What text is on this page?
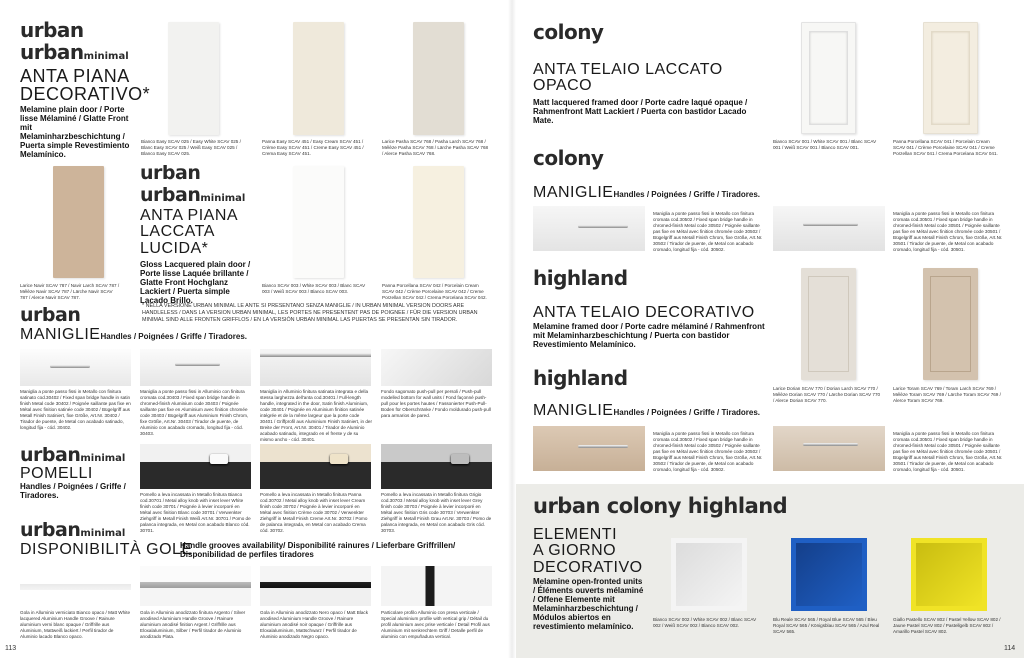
urban
urbanminimal
ANTA PIANA
DECORATIVO*
Melamine plain door / Porte lisse Mélaminé / Glatte Front mit Melaminharzbeschichtung / Puerta simple Revestimiento Melamínico.
Bianco Easy SCAV 025 / Easy White SCAV 025 / Blanc Easy SCAV 025 / Weiß Easy SCAV 025 / Blanco Easy SCAV 025.
Panna Easy SCAV 451 / Easy Cream SCAV 451 / Crème Easy SCAV 451 / Creme Easy SCAV 451 / Crema Easy SCAV 451.
Larice Pasha SCAV 768 / Pasha Larch SCAV 768 / Mélèze Pasha SCAV 768 / Lärche Pasha SCAV 768 / Alerce Pasha SCAV 768.
Larice Navir SCAV 787 / Navir Larch SCAV 787 / Mélèze Navir SCAV 787 / Lärche Navir SCAV 787 / Alerce Navir SCAV 787.
urban
urbanminimal
ANTA PIANA
LACCATA
LUCIDA*
Gloss Lacquered plain door / Porte lisse Laquée brillante / Glatte Front Hochglanz Lackiert / Puerta simple Lacado Brillo.
Bianco SCAV 003 / White SCAV 003 / Blanc SCAV 003 / Weiß SCAV 003 / Blanco SCAV 003.
Panna Porcellana SCAV 042 / Porcelain Cream SCAV 042 / Crème Porcelaine SCAV 042 / Creme Porzellan SCAV 042 / Crema Porcelana SCAV 042.
* NELLA VERSIONE URBAN MINIMAL LE ANTE SI PRESENTANO SENZA MANIGLIE / IN URBAN MINIMAL VERSION DOORS ARE HANDLELESS / DANS LA VERSION URBAN MINIMAL, LES PORTES NE PRESENTENT PAS DE POIGNEE / FÜR DIE VERSION URBAN MINIMAL SIND ALLE FRONTEN GRIFFLOS / EN LA VERSIÓN URBAN MINIMAL LAS PUERTAS SE PRESENTAN SIN TIRADOR.
urban
MANIGLIEHandles / Poignées / Griffe / Tiradores.
Maniglia a ponte passo fissi in Metallo con finitura satinato cod.30402 / Fixed span bridge handle in satin finish Metal code 30402 / Poignée saillante pas fixe en Métal avec finition satinée code 30402 / Bügelgriff aus Metall Finish Satiniert, fixe Größe, Art.Nr. 30402 / Tirador de puente, de Metal con acabado satinado, longitud fija - cód. 30402.
Maniglia a ponte passo fissi in Alluminio con finitura cromata cod.30403 / Fixed span bridge handle in chromed-finish Aluminium code 30403 / Poignée saillante pas fixe en Aluminium avec finition chromée code 30403 / Bügelgriff aus Aluminium Finish Chrom, fixe Größe, Art.Nr. 30403 / Tirador de puente, de Aluminio con acabado cromado, longitud fija - cód. 30403.
Maniglia in Alluminio finitura satinata integrata e della stessa larghezza dell'anta cod.30401 / Full-length handle, integrated in the door, Satin finish Aluminium, code 30401 / Poignée en Aluminium finition satinée intégrée et de la même largeur que la porte code 30401 / Griffprofil aus Aluminium Finish Satiniert, in der Breite der Front, Art.Nr. 30401 / Tirador de Aluminio acabado satinado, integrado en el frente y de su mismo ancho - cód. 30401.
Fondo sagomato push-pull per persoli / Push-pull modelled bottom for wall units / Fond façonné push-pull pour les portes hautes / Fassonierter Push-Pull-Boden für Oberschränke / Fondo moldurado push-pull para armarios de pared.
urbanminimal
POMELLI
Handles / Poignées / Griffe / Tiradores.	Pomello a leva incassata in Metallo finitura Bianco cod.30701 / Metal alloy knob with inset lever White finish code 30701 / Poignée à levier incorporé en Métal avec finition Blanc code 30701 / Verwenkter Ziehgriff in Metall Finish Weiß Art.Nr. 30701 / Pomo de palanca integrada, en Metal con acabado Blanco cód. 30701.
Pomello a leva incassata in Metallo finitura Panna cod.30702 / Metal alloy knob with inset lever Cream finish code 30702 / Poignée à levier incorporé en Métal avec finition Crème code 30702 / Verwenkter Ziehgriff in Metall Finish Creme Art.Nr. 30702 / Pomo de palanca integrada, en Metal con acabado Crema cód. 30702.
Pomello a leva incassata in Metallo finitura Grigio cod.30703 / Metal alloy knob with inset lever Grey finish code 30703 / Poignée à levier incorporé en Métal avec finition Gris code 30703 / Verwenkter Ziehgriff in Metall Finish Grau Art.Nr. 30703 / Pomo de palanca integrada, en Metal con acabado Gris cód. 30703.
urbanminimal
DISPONIBILITÀ GOLE
Handle grooves availability/ Disponibilité rainures / Lieferbare Griffrillen/
Disponibilidad de perfiles tiradores
Gola in Alluminio verniciato Bianco opaco / Matt White lacquered Aluminium Handle Groove / Rainure aluminium verni blanc opaque / Griffrille aus Aluminium, Mattweiß lackiert / Perfil tirador de Aluminio lacado Blanco opaco.
Gola in Alluminio anodizzato finitura Argento / Silver anodised Aluminium Handle Groove / Rainure aluminium anodisé finition Argent / Griffrille aus Eloxalaluminium, Silber / Perfil tirador de Aluminio anodizado Plata.
Gola in Alluminio anodizzato Nero opaco / Matt Black anodised Aluminium Handle Groove / Rainure aluminium anodisé noir opaque / Griffrille aus Eloxalaluminium, Mattschwarz / Perfil tirador de Aluminio anodizado Negro opaco.
Particolare profilo Alluminio con presa verticale / Special aluminium profile with vertical grip / Détail du profil aluminium avec prise verticale / Detail Profil aus Aluminium mit senkrechtem Griff / Detalle perfil de aluminio con empuñadura vertical.
113
colony
ANTA TELAIO LACCATO
OPACO
Matt lacquered framed door / Porte cadre laqué opaque / Rahmenfront Matt Lackiert / Puerta con bastidor Lacado Mate.
Bianco SCAV 001 / White SCAV 001 / Blanc SCAV 001 / Weiß SCAV 001 / Blanco SCAV 001.
Panna Porcellana SCAV 041 / Porcelain Cream SCAV 041 / Crème Porcelaine SCAV 041 / Creme Porzellan SCAV 041 / Crema Porcelana SCAV 041.
colony
MANIGLIEHandles / Poignées / Griffe / Tiradores.
Maniglia a ponte passo fissi in Metallo con finitura cromata cod.30502 / Fixed span bridge handle in chromed-finish Metal code 30502 / Poignée saillante pas fixe en Métal avec finition chromée code 30502 / Bügelgriff aus Metall Finish Chrom, fixe Größe, Art.Nr. 30502 / Tirador de puente, de Metal con acabado cromado, longitud fija - cód. 30502.
Maniglia a ponte passo fissi in Metallo con finitura cromata cod.30501 / Fixed span bridge handle in chromed-finish Metal code 30501 / Poignée saillante pas fixe en Métal avec finition chromée code 30501 / Bügelgriff aus Metall Finish Chrom, fixe Größe, Art.Nr. 30501 / Tirador de puente, de Metal con acabado cromado, longitud fija - cód. 30501.
highland
ANTA TELAIO DECORATIVO
Melamine framed door / Porte cadre mélaminé / Rahmenfront mit Melaminharzbeschichtung / Puerta con bastidor Revestimiento Melamínico.
Larice Dorian SCAV 770 / Dorian Larch SCAV 770 / Mélèze Dorian SCAV 770 / Lärche Dorian SCAV 770 / Alerce Dorian SCAV 770.
Larice Toram SCAV 769 / Toram Larch SCAV 769 / Mélèze Toram SCAV 769 / Lärche Toram SCAV 769 / Alerce Toram SCAV 769.
highland
MANIGLIEHandles / Poignées / Griffe / Tiradores.
Maniglia a ponte passo fissi in Metallo con finitura cromata cod.30502 / Fixed span bridge handle in chromed-finish Metal code 30502 / Poignée saillante pas fixe en Métal avec finition chromée code 30502 / Bügelgriff aus Metall Finish Chrom, fixe Größe, Art.Nr. 30502 / Tirador de puente, de Metal con acabado cromado, longitud fija - cód. 30502.
Maniglia a ponte passo fissi in Metallo con finitura cromata cod.30501 / Fixed span bridge handle in chromed-finish Metal code 30501 / Poignée saillante pas fixe en Métal avec finition chromée code 30501 / Bügelgriff aus Metall Finish Chrom, fixe Größe, Art.Nr. 30501 / Tirador de puente, de Metal con acabado cromado, longitud fija - cód. 30501.
urban colony highland
ELEMENTI
A GIORNO
DECORATIVO
Melamine open-fronted units / Éléments ouverts mélaminé / Offene Elemente mit Melaminharzbeschichtung / Módulos abiertos en revestimiento melamínico.
Bianco SCAV 002 / White SCAV 002 / Blanc SCAV 002 / Weiß SCAV 002 / Blanco SCAV 002.
Blu Reale SCAV 565 / Royal Blue SCAV 565 / Bleu Royal SCAV 565 / Königsblau SCAV 565 / Azul Real SCAV 565.
Giallo Pastello SCAV 802 / Pastel Yellow SCAV 802 / Jaune Pastel SCAV 802 / Pastellgelb SCAV 802 / Amarillo Pastel SCAV 802.
114
